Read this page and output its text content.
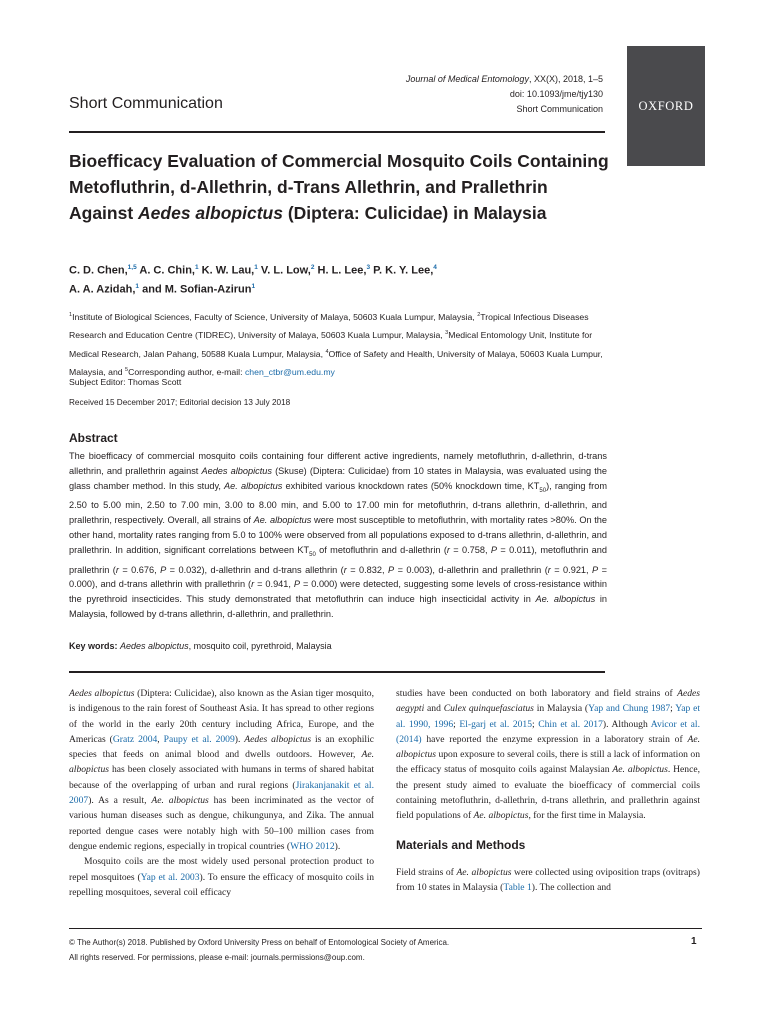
Journal of Medical Entomology, XX(X), 2018, 1–5
doi: 10.1093/jme/tjy130
Short Communication	OXFORD
Short Communication
Bioefficacy Evaluation of Commercial Mosquito Coils Containing Metofluthrin, d-Allethrin, d-Trans Allethrin, and Prallethrin Against Aedes albopictus (Diptera: Culicidae) in Malaysia
C. D. Chen,$^{1,5}$ A. C. Chin,$^1$ K. W. Lau,$^1$ V. L. Low,$^2$ H. L. Lee,$^3$ P. K. Y. Lee,$^4$
A. A. Azidah,$^1$ and M. Sofian-Azirun$^1$
$^1$Institute of Biological Sciences, Faculty of Science, University of Malaya, 50603 Kuala Lumpur, Malaysia, $^2$Tropical Infectious Diseases Research and Education Centre (TIDREC), University of Malaya, 50603 Kuala Lumpur, Malaysia, $^3$Medical Entomology Unit, Institute for Medical Research, Jalan Pahang, 50588 Kuala Lumpur, Malaysia, $^4$Office of Safety and Health, University of Malaya, 50603 Kuala Lumpur, Malaysia, and $^5$Corresponding author, e-mail: chen_ctbr@um.edu.my
Subject Editor: Thomas Scott
Received 15 December 2017; Editorial decision 13 July 2018
Abstract
The bioefficacy of commercial mosquito coils containing four different active ingredients, namely metofluthrin, d-allethrin, d-trans allethrin, and prallethrin against Aedes albopictus (Skuse) (Diptera: Culicidae) from 10 states in Malaysia, was evaluated using the glass chamber method. In this study, Ae. albopictus exhibited various knockdown rates (50% knockdown time, $KT_{50}$), ranging from 2.50 to 5.00 min, 2.50 to 7.00 min, 3.00 to 8.00 min, and 5.00 to 17.00 min for metofluthrin, d-trans allethrin, d-allethrin, and prallethrin, respectively. Overall, all strains of Ae. albopictus were most susceptible to metofluthrin, with mortality rates >80%. On the other hand, mortality rates ranging from 5.0 to 100% were observed from all populations exposed to d-trans allethrin, d-allethrin, and prallethrin. In addition, significant correlations between $KT_{50}$ of metofluthrin and d-allethrin (r = 0.758, P = 0.011), metofluthrin and prallethrin (r = 0.676, P = 0.032), d-allethrin and d-trans allethrin (r = 0.832, P = 0.003), d-allethrin and prallethrin (r = 0.921, P = 0.000), and d-trans allethrin with prallethrin (r = 0.941, P = 0.000) were detected, suggesting some levels of cross-resistance within the pyrethroid insecticides. This study demonstrated that metofluthrin can induce high insecticidal activity in Ae. albopictus in Malaysia, followed by d-trans allethrin, d-allethrin, and prallethrin.
Key words: Aedes albopictus, mosquito coil, pyrethroid, Malaysia

Aedes albopictus (Diptera: Culicidae), also known as the Asian tiger mosquito, is indigenous to the rain forest of Southeast Asia. It has spread to other regions of the world in the early 20th century including Africa, Europe, and the Americas (Gratz 2004, Paupy et al. 2009). Aedes albopictus is an exophilic species that feeds on animal blood and dwells outdoors. However, Ae. albopictus has been closely associated with humans in terms of shared habitat because of the overlapping of urban and rural regions (Jirakanjanakit et al. 2007). As a result, Ae. albopictus has been incriminated as the vector of various human diseases such as dengue, chikungunya, and Zika. The annual reported dengue cases were notably high with 50–100 million cases from dengue endemic regions, especially in tropical countries (WHO 2012).

Mosquito coils are the most widely used personal protection product to repel mosquitoes (Yap et al. 2003). To ensure the efficacy of mosquito coils in repelling mosquitoes, several coil efficacy

studies have been conducted on both laboratory and field strains of Aedes aegypti and Culex quinquefasciatus in Malaysia (Yap and Chung 1987; Yap et al. 1990, 1996; El-garj et al. 2015; Chin et al. 2017). Although Avicor et al. (2014) have reported the enzyme expression in a laboratory strain of Ae. albopictus upon exposure to several coils, there is still a lack of information on the efficacy status of mosquito coils against Malaysian Ae. albopictus. Hence, the present study aimed to evaluate the bioefficacy of commercial coils containing metofluthrin, d-allethrin, d-trans allethrin, and prallethrin against field populations of Ae. albopictus, for the first time in Malaysia.

Materials and Methods

Field strains of Ae. albopictus were collected using oviposition traps (ovitraps) from 10 states in Malaysia (Table 1). The collection and

© The Author(s) 2018. Published by Oxford University Press on behalf of Entomological Society of America.
All rights reserved. For permissions, please e-mail: journals.permissions@oup.com.
1
